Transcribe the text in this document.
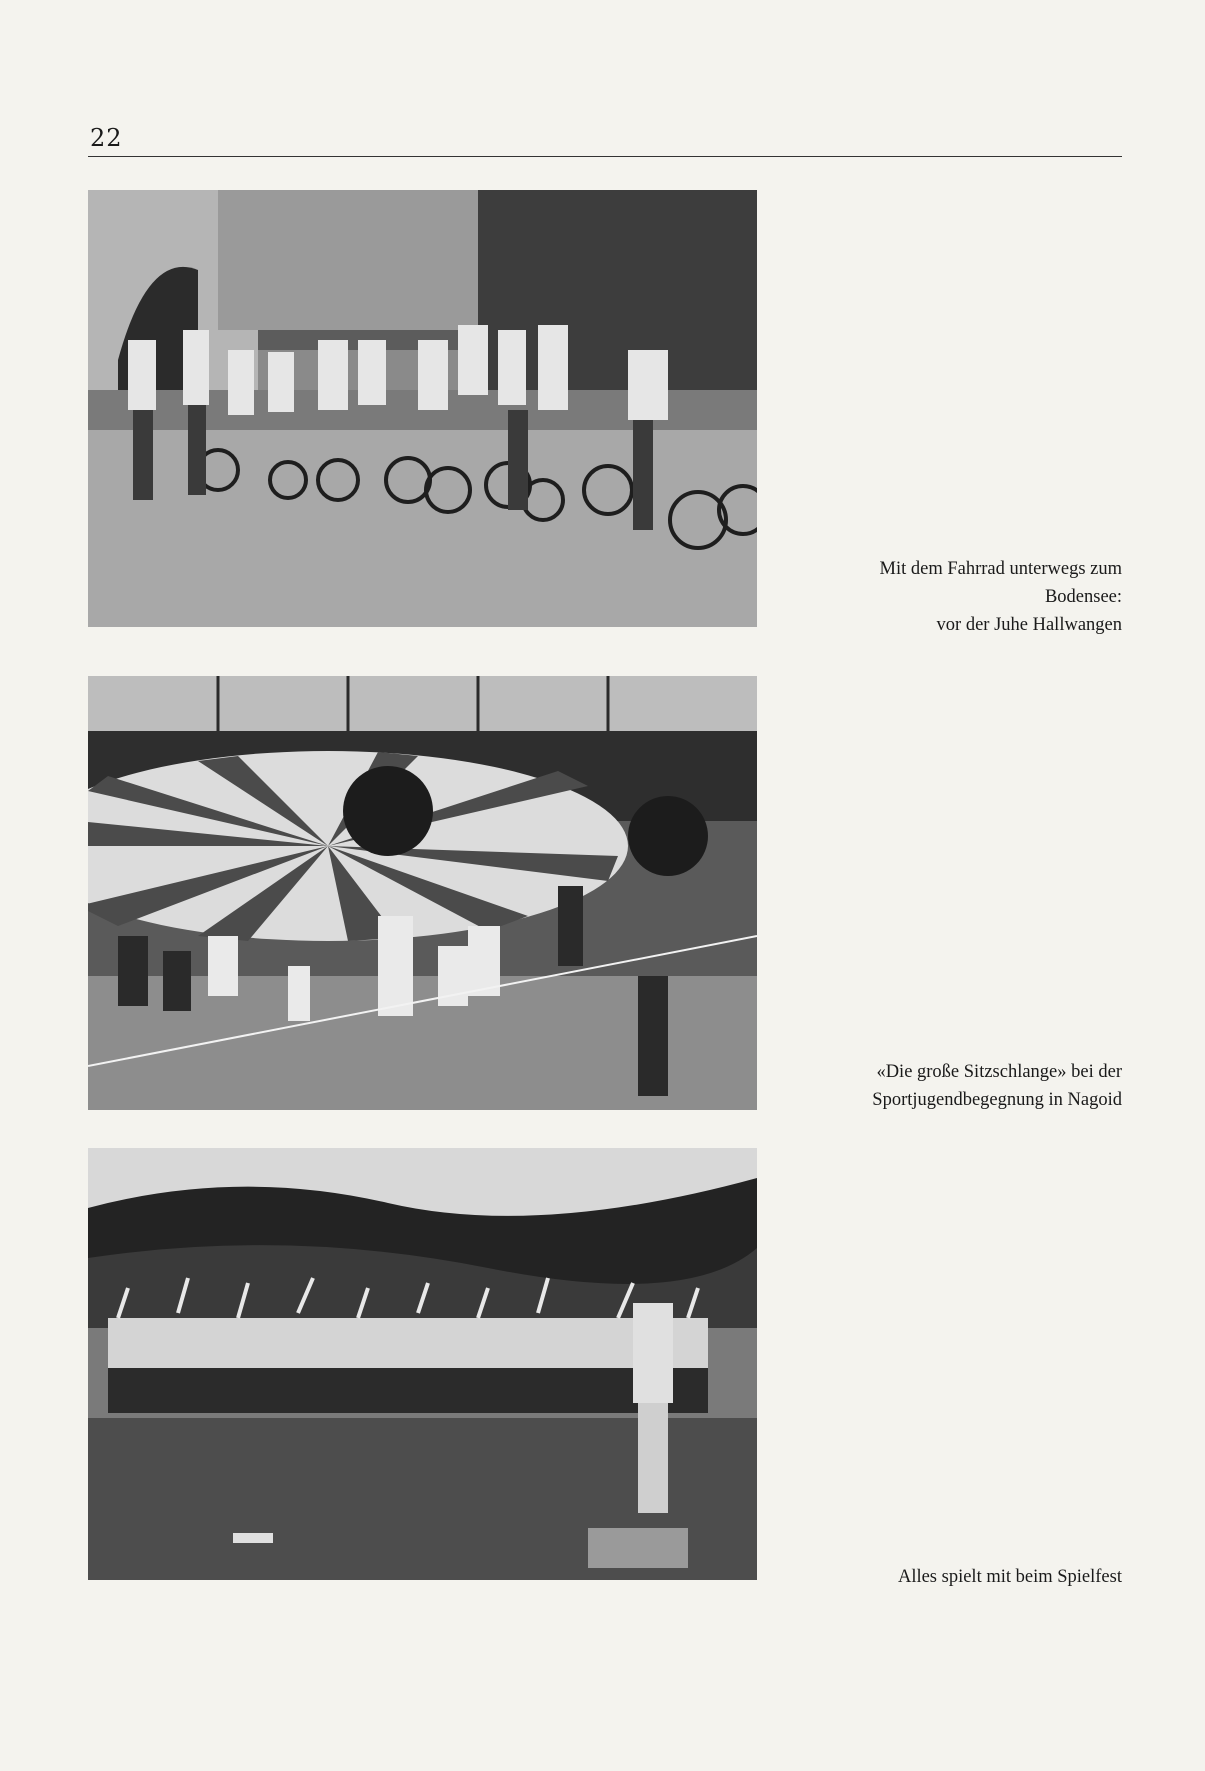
22
Mit dem Fahrrad unterwegs zum
Bodensee:
vor der Juhe Hallwangen
«Die große Sitzschlange» bei der
Sportjugendbegegnung in Nagoid
Alles spielt mit beim Spielfest
